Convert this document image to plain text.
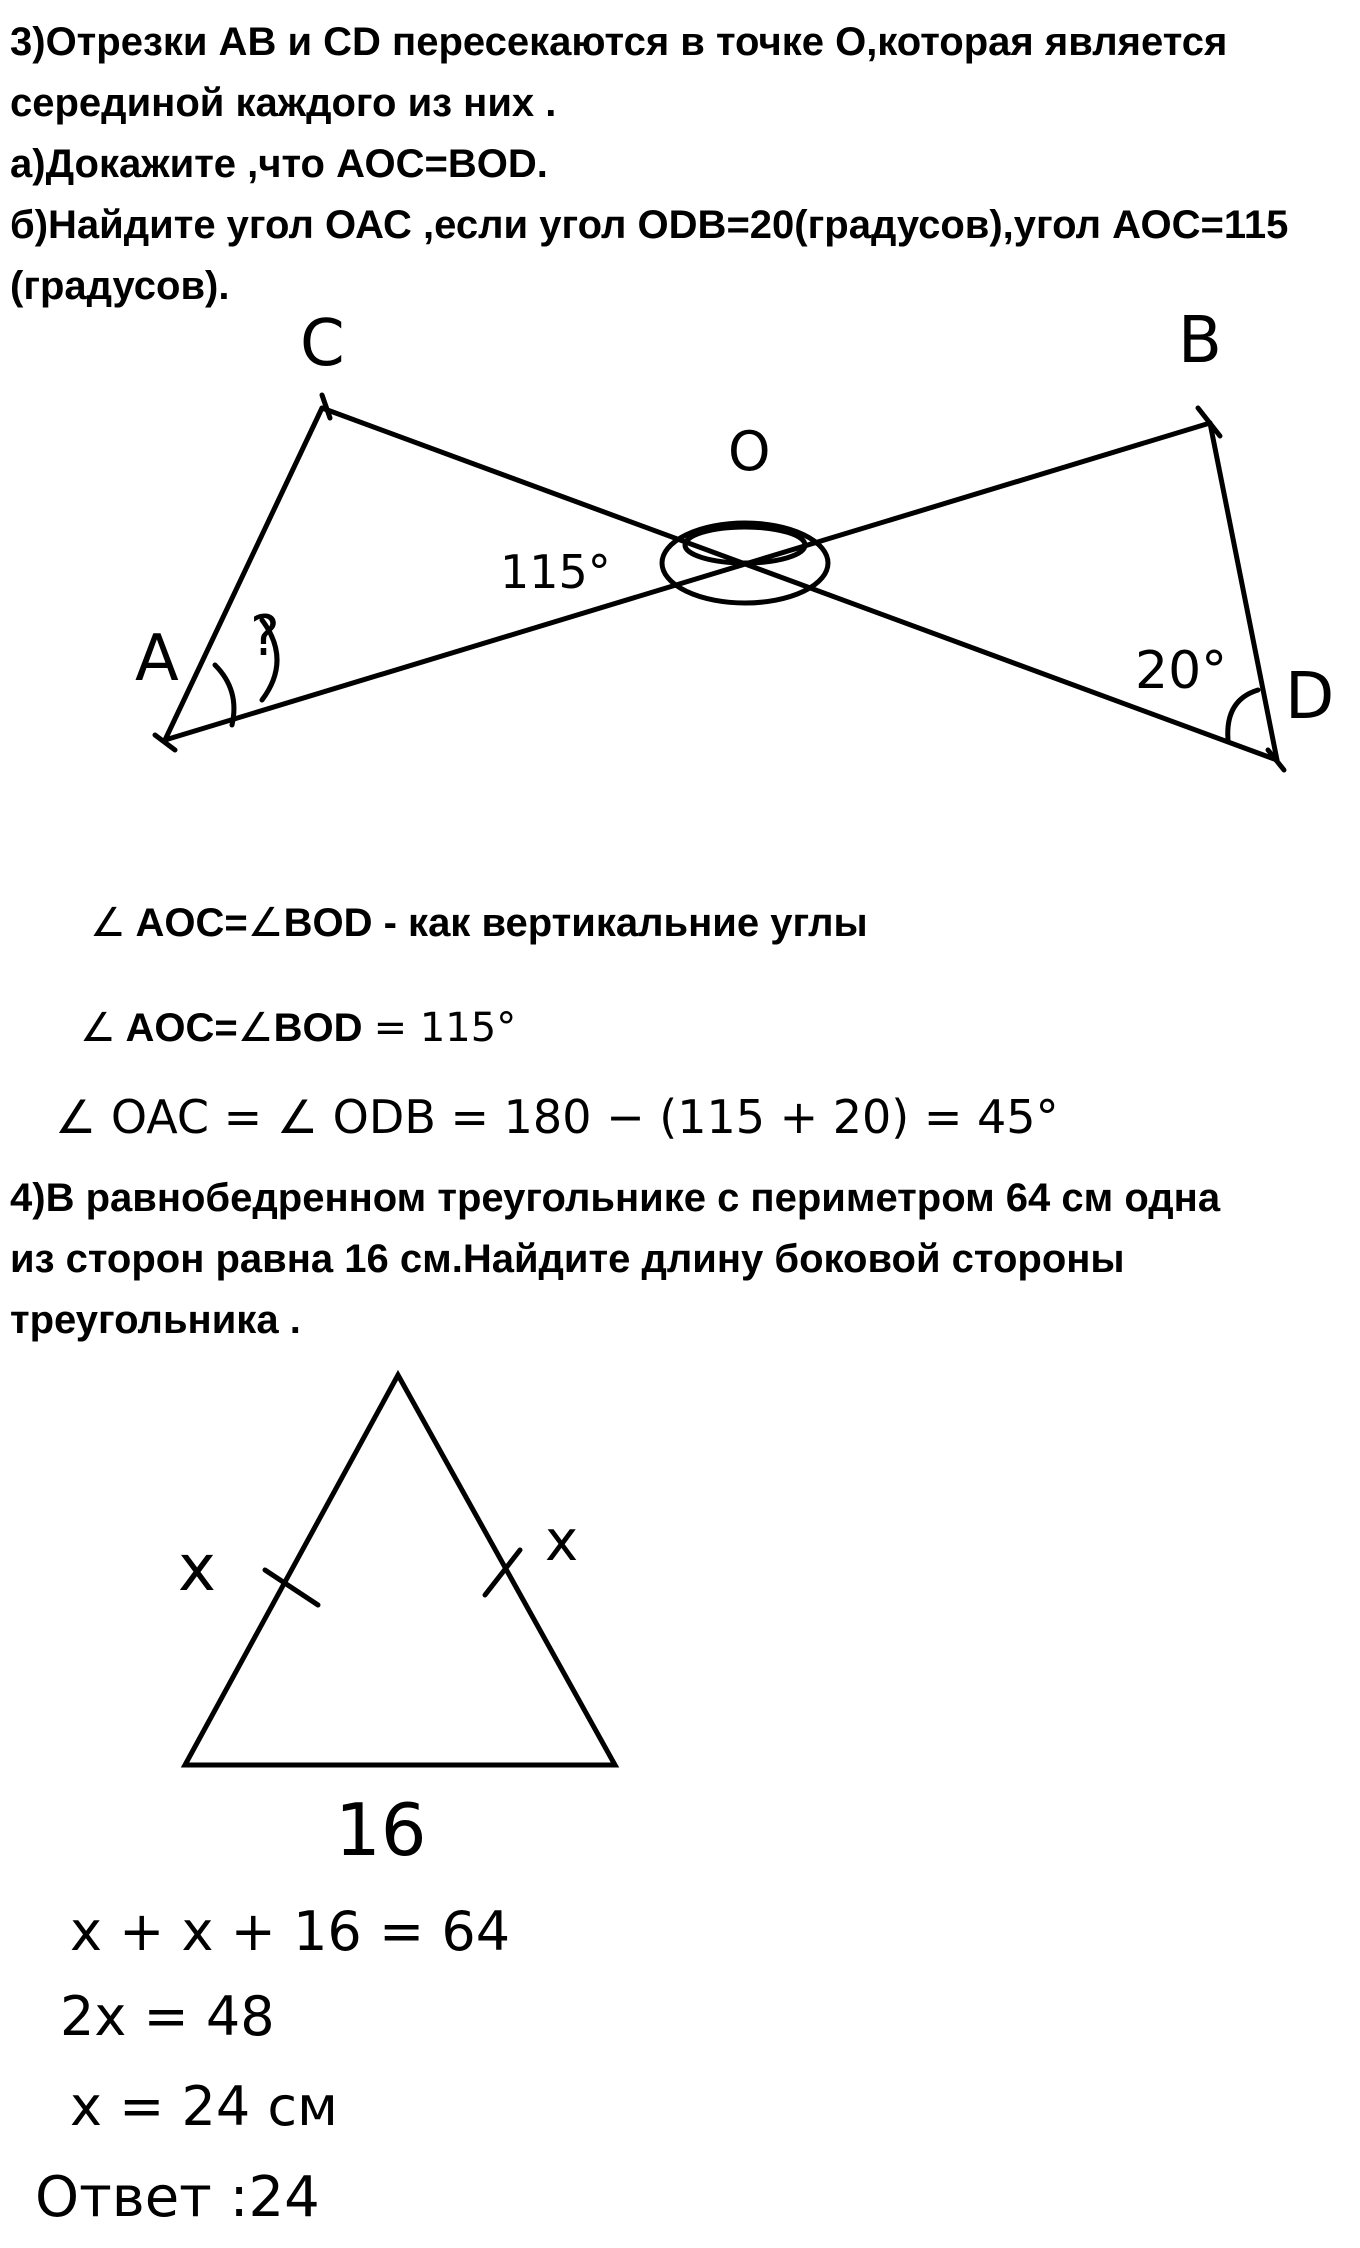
3)Отрезки АВ и CD пересекаются в точке О,которая является

серединой каждого из них .

а)Докажите ,что АОС=BOD.

б)Найдите угол ОАС ,если угол ODB=20(градусов),угол АОС=115

(градусов).

C	B
O
A
D
115°
20°
?
∠ AOC=∠BOD - как вертикальние углы
∠ AOC=∠BOD = 115°
∠ OAC = ∠ ODB = 180 − (115 + 20) = 45°

4)В равнобедренном треугольнике с периметром 64 см одна

из сторон равна 16 см.Найдите длину боковой стороны

треугольника .

x	x
16
x + x + 16 = 64
2x = 48
x = 24 см
Ответ :24
